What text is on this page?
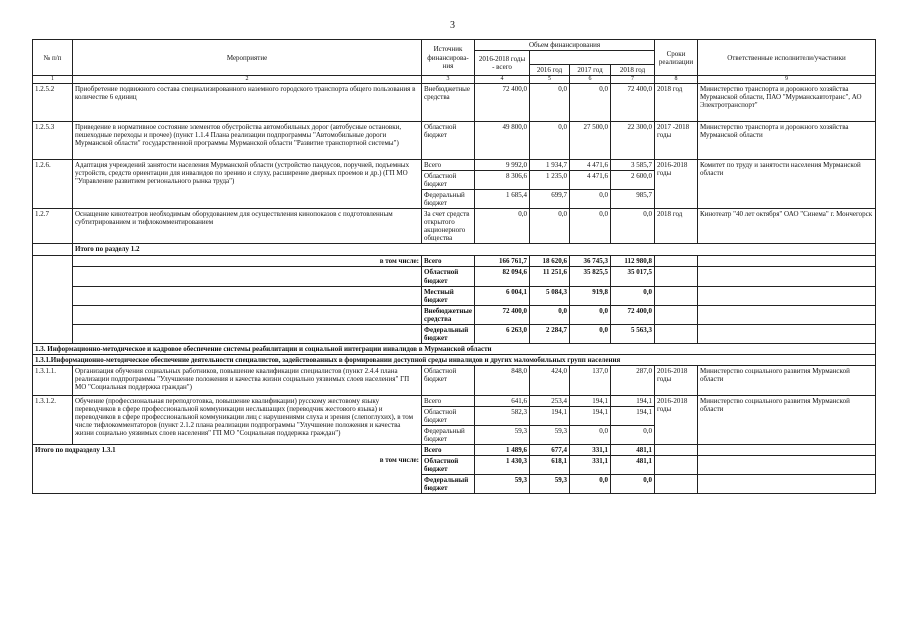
3
№ п/п	Мероприятие	Источник финансирова-ния	Объем финансирования				Сроки реализации	Ответственные исполнители/участники
			2016-2018 годы - всего					
				2016 год	2017 год	2018 год		
1	2	3	4	5	6	7	8	9
1.2.5.2	Приобретение подвижного состава специализированного наземного городского транспорта общего пользования в количестве 6 единиц	Внебюджетные средства	72 400,0	0,0	0,0	72 400,0	2018 год	Министерство транспорта и дорожного хозяйства Мурманской области, ПАО "Мурманскавтотранс", АО Электротранспорт"
1.2.5.3	Приведение в нормативное состояние элементов обустройства автомобильных дорог (автобусные остановки, пешеходные переходы и прочее) (пункт 1.1.4 Плана реализации подпрограммы "Автомобильные дороги Мурманской области" государственной программы Мурманской области "Развитие транспортной системы")	Областной бюджет	49 800,0	0,0	27 500,0	22 300,0	2017 -2018 годы	Министерство транспорта и дорожного хозяйства Мурманской области
1.2.6.	Адаптация учреждений занятости населения Мурманской области (устройство пандусов, поручней, подъемных устройств, средств ориентации для инвалидов по зрению и слуху, расширение дверных проемов и др.) (ГП МО "Управление развитием регионального рынка труда")	Всего	9 992,0	1 934,7	4 471,6	3 585,7	2016-2018 годы	Комитет по труду и занятости населения Мурманской области
		Областной бюджет	8 306,6	1 235,0	4 471,6	2 600,0		
		Федеральный бюджет	1 685,4	699,7	0,0	985,7		
1.2.7	Оснащение кинотеатров необходимым оборудованием для осуществления кинопоказов с подготовленным субтитрированием и тифлокомментированием	За счет средств открытого акционерного общества	0,0	0,0	0,0	0,0	2018 год	Кинотеатр "40 лет октября" ОАО "Синема" г. Мончегорск
	Итого по разделу 1.2							
	в том числе:	Всего	166 761,7	18 620,6	36 745,3	112 980,8		
		Областной бюджет	82 094,6	11 251,6	35 825,5	35 017,5		
		Местный бюджет	6 004,1	5 084,3	919,8	0,0		
		Внебюджетные средства	72 400,0	0,0	0,0	72 400,0		
		Федеральный бюджет	6 263,0	2 284,7	0,0	5 563,3		
1.3. Информационно-методическое и кадровое обеспечение системы реабилитации и социальной интеграции инвалидов в Мурманской области								
1.3.1.Информационно-методическое обеспечение деятельности специалистов, задействованных в формировании доступной среды инвалидов и других маломобильных групп населения								
1.3.1.1.	Организация обучения социальных работников, повышение квалификации специалистов (пункт 2.4.4 плана реализации подпрограммы "Улучшение положения и качества жизни социально уязвимых слоев населения" ГП МО "Социальная поддержка граждан")	Областной бюджет	848,0	424,0	137,0	287,0	2016-2018 годы	Министерство социального развития Мурманской области
1.3.1.2.	Обучение (профессиональная переподготовка, повышение квалификации) русскому жестовому языку переводчиков в сфере профессиональной коммуникации неслышащих (переводчик жестового языка) и переводчиков в сфере профессиональной коммуникации лиц с нарушениями слуха и зрения (слепоглухих), в том числе тифлокомментаторов (пункт 2.1.2 плана реализации подпрограммы "Улучшение положения и качества жизни социально уязвимых слоев населения" ГП МО "Социальная поддержка граждан")	Всего	641,6	253,4	194,1	194,1	2016-2018 годы	Министерство социального развития Мурманской области
		Областной бюджет	582,3	194,1	194,1	194,1		
		Федеральный бюджет	59,3	59,3	0,0	0,0		

Итого по подразделу 1.3.1
в том числе:		Всего	1 489,6	677,4	331,1	481,1		
		Областной бюджет	1 430,3	618,1	331,1	481,1		
		Федеральный бюджет	59,3	59,3	0,0	0,0		
